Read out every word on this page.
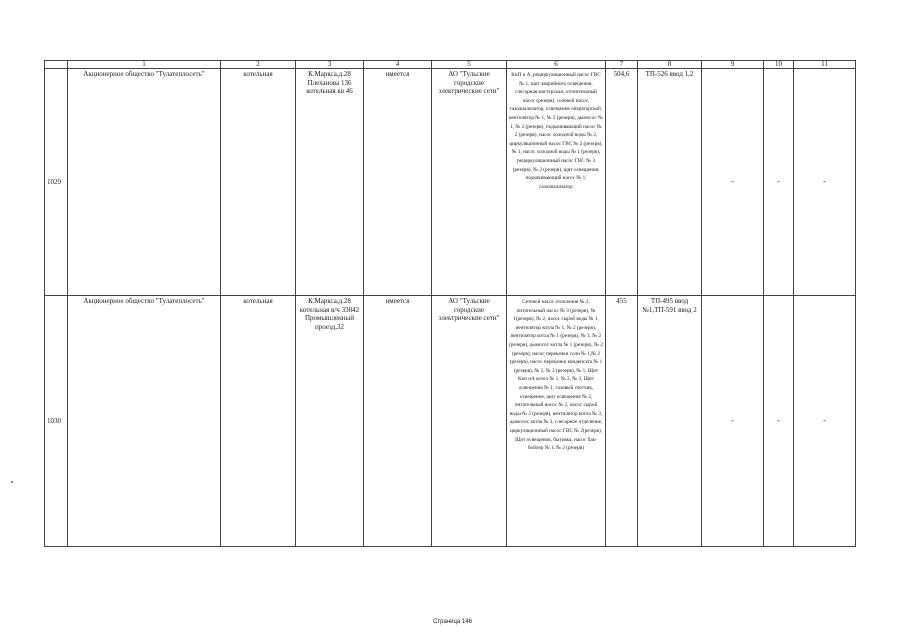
	1	2	3	4	5	6	7	8	9	10	11
1029	Акционерное общество "Тулатеплосеть"	котельная	К.Маркса,д.28 Плеханова 136 котельная кв 46	имеется	АО "Тульские городские электрические сети"	КиП и А, рециркуляционный насос ГВС № 1, щит аварийного освещения, слесарная мастерская, отопительный насос (резерв), солевой насос, газоанализатор, освещение операторской, вентилятор № 1, № 2 (резерв), дымосос № 1, № 2 (резерв), подкачивающий насос № 2 (резерв), насос холодной воды № 2, циркуляционный насос ГВС № 2 (резерв), № 1, насос холодной воды № 1 (резерв), рециркуляционный насос ГВС № 3 (резерв), № 2 (резерв), щит освещения, подкачивающий насос № 1, газоанализатор	504,6	ТП-526 ввод 1,2	-	-	-
1030	Акционерное общество "Тулатеплосеть"	котельная	К.Маркса,д.28 котельная в/ч 33842 Промышленный проезд,32	имеется	АО "Тульские городские электрические сети"	Сетевой насос отопления № 2, питательный насос № 3 (резерв), № 1(резерв), № 2, насос сырой воды № 1, вентилятор котла № 1, № 2 (резерв), вентилятор котла № 1 (резерв), № 3, № 2 (резерв), дымосос котла № 1 (резерв), № 2 (резерв), насос перекачки соли № 1,№ 2 (резерв), насос перекачки конденсата № 1 (резерв), № 2, № 3 (резерв), № 1, Щит Кип нА котел № 1, № 2, № 3, Щит освещения № 1, газовый счетчик, освещение, щит освещения № 2, питательный насос № 2, насос сырой воды № 2 (резерв), вентилятор котла № 3, дымосос котла № 3, слесарное отделение, циркуляционный насос ГВС № 2(резерв), Щит освещения, бытовка, насос бак-бойлер № 1, № 2 (резерв)	455	ТП-495 ввод №1,ТП-591 ввод 2	-	-	-
Страница 146
